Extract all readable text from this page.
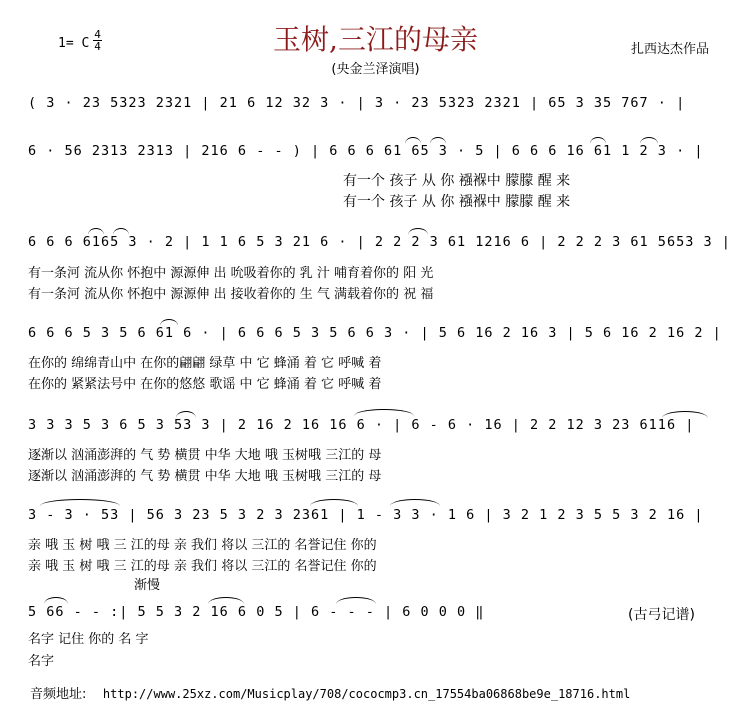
玉树,三江的母亲
(央金兰泽演唱)
1= C
4
4	扎西达杰作品
( 3 · 23 5323 2321 | 21 6 12 32 3 · | 3 · 23 5323 2321 | 65 3 35 767 · |
6 · 56 2313 2313 | 216 6 - - ) | 6 6 6 61 65 3 · 5 | 6 6 6 16 61 1 2 3 · |
有一个 孩子 从 你 襁褓中 朦朦 醒 来
有一个 孩子 从 你 襁褓中 朦朦 醒 来
6 6 6 6165 3 · 2 | 1 1 6 5 3 21 6 · | 2 2 2 3 61 1216 6 | 2 2 2 3 61 5653 3 |
有一条河 流从你 怀抱中 源源伸 出 吮吸着你的 乳 汁 哺育着你的 阳 光
有一条河 流从你 怀抱中 源源伸 出 接收着你的 生 气 满载着你的 祝 福
6 6 6 5 3 5 6 61 6 · | 6 6 6 5 3 5 6 6 3 · | 5 6 16 2 16 3 | 5 6 16 2 16 2 |
在你的 绵绵青山中 在你的翩翩 绿草 中 它 蜂涌 着 它 呼喊 着
在你的 紧紧法号中 在你的悠悠 歌谣 中 它 蜂涌 着 它 呼喊 着
3 3 3 5 3 6 5 3 53 3 | 2 16 2 16 16 6 · | 6 - 6 · 16 | 2 2 12 3 23 6116 |
逐渐以 汹涌澎湃的 气 势 横贯 中华 大地 哦 玉树哦 三江的 母
逐渐以 汹涌澎湃的 气 势 横贯 中华 大地 哦 玉树哦 三江的 母
3 - 3 · 53 | 56 3 23 5 3 2 3 2361 | 1 - 3 3 · 1 6 | 3 2 1 2 3 5 5 3 2 16 |
亲 哦 玉 树 哦 三 江的母 亲 我们 将以 三江的 名誉记住 你的
亲 哦 玉 树 哦 三 江的母 亲 我们 将以 三江的 名誉记住 你的
渐慢
5 66 - - :| 5 5 3 2 16 6 0 5 | 6 - - - | 6 0 0 0 ‖	(古弓记谱)
名字 记住 你的 名 字
名字
音频地址: http://www.25xz.com/Musicplay/708/cococmp3.cn_17554ba06868be9e_18716.html
